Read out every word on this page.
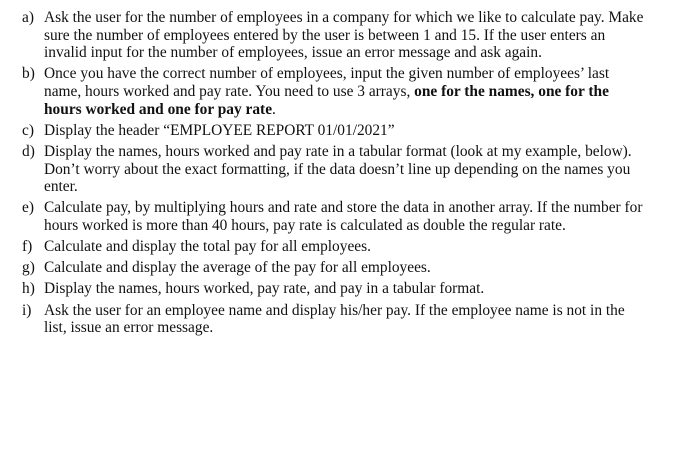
a) Ask the user for the number of employees in a company for which we like to calculate pay. Make sure the number of employees entered by the user is between 1 and 15. If the user enters an invalid input for the number of employees, issue an error message and ask again.
b) Once you have the correct number of employees, input the given number of employees’ last name, hours worked and pay rate. You need to use 3 arrays, one for the names, one for the hours worked and one for pay rate.
c) Display the header “EMPLOYEE REPORT 01/01/2021”
d) Display the names, hours worked and pay rate in a tabular format (look at my example, below). Don’t worry about the exact formatting, if the data doesn’t line up depending on the names you enter.
e) Calculate pay, by multiplying hours and rate and store the data in another array. If the number for hours worked is more than 40 hours, pay rate is calculated as double the regular rate.
f) Calculate and display the total pay for all employees.
g) Calculate and display the average of the pay for all employees.
h) Display the names, hours worked, pay rate, and pay in a tabular format.
i) Ask the user for an employee name and display his/her pay. If the employee name is not in the list, issue an error message.
